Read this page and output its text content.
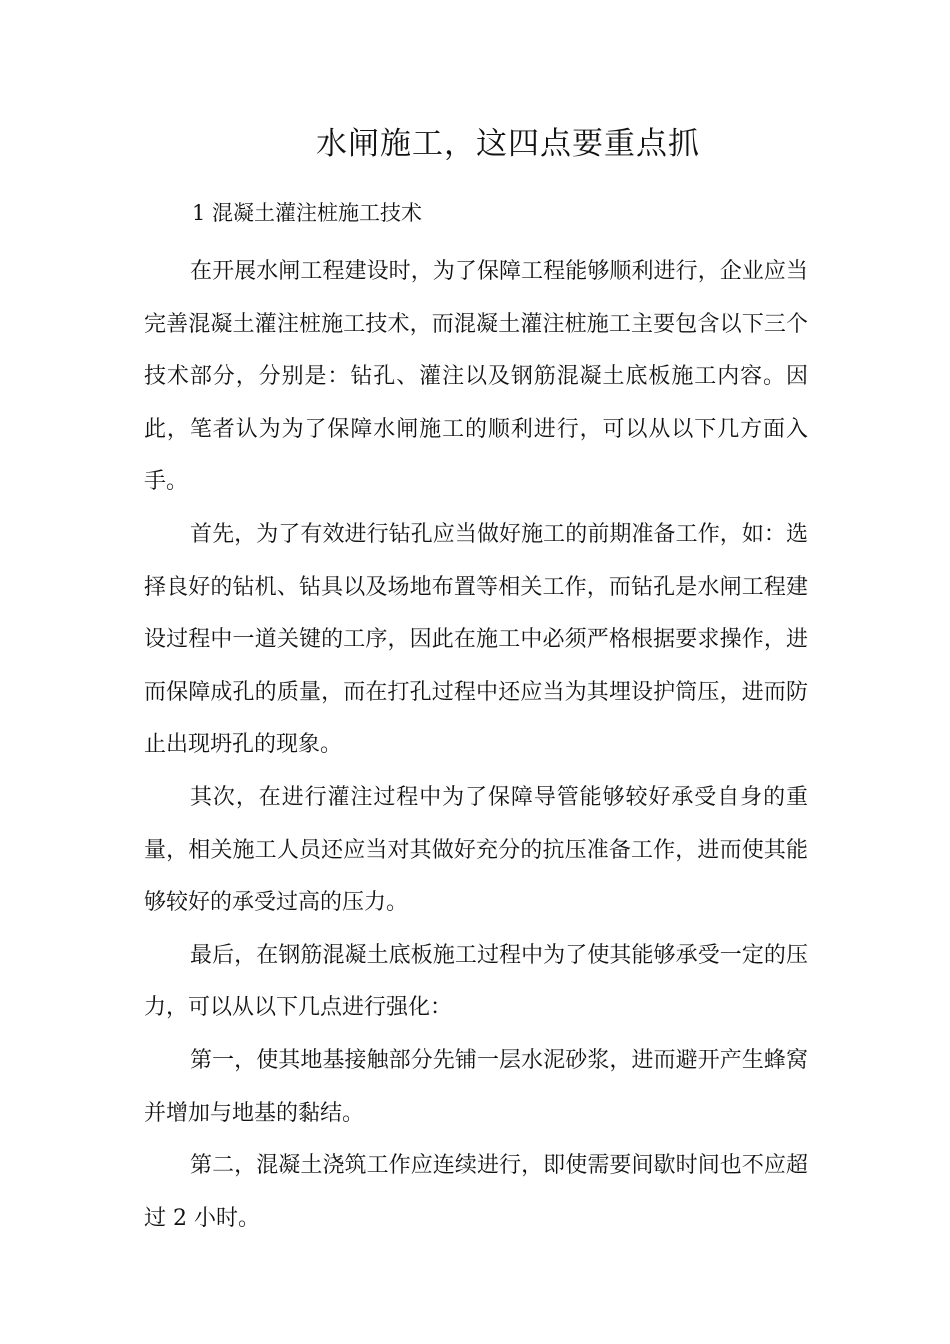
水闸施工，这四点要重点抓
1 混凝土灌注桩施工技术

在开展水闸工程建设时，为了保障工程能够顺利进行，企业应当完善混凝土灌注桩施工技术，而混凝土灌注桩施工主要包含以下三个技术部分，分别是：钻孔、灌注以及钢筋混凝土底板施工内容。因此，笔者认为为了保障水闸施工的顺利进行，可以从以下几方面入手。

首先，为了有效进行钻孔应当做好施工的前期准备工作，如：选择良好的钻机、钻具以及场地布置等相关工作，而钻孔是水闸工程建设过程中一道关键的工序，因此在施工中必须严格根据要求操作，进而保障成孔的质量，而在打孔过程中还应当为其埋设护筒压，进而防止出现坍孔的现象。

其次，在进行灌注过程中为了保障导管能够较好承受自身的重量，相关施工人员还应当对其做好充分的抗压准备工作，进而使其能够较好的承受过高的压力。

最后，在钢筋混凝土底板施工过程中为了使其能够承受一定的压力，可以从以下几点进行强化：

第一，使其地基接触部分先铺一层水泥砂浆，进而避开产生蜂窝并增加与地基的黏结。

第二，混凝土浇筑工作应连续进行，即使需要间歇时间也不应超过 2 小时。
